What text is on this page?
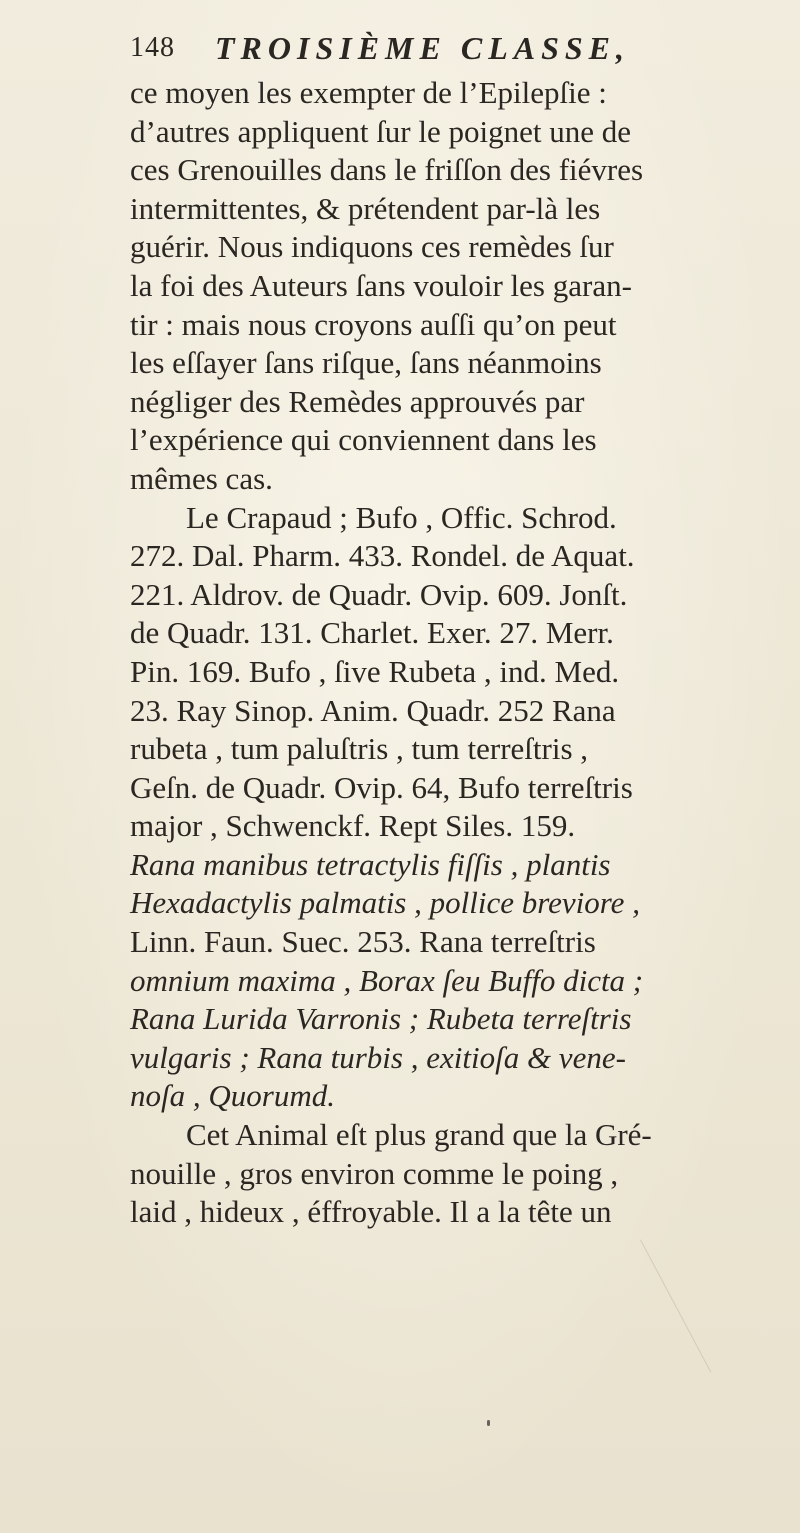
148 TROISIÈME CLASSE,
ce moyen les exempter de l’Epilepſie :
d’autres appliquent ſur le poignet une de
ces Grenouilles dans le friſſon des fiévres
intermittentes, & prétendent par-là les
guérir. Nous indiquons ces remèdes ſur
la foi des Auteurs ſans vouloir les garan-
tir : mais nous croyons auſſi qu’on peut
les eſſayer ſans riſque, ſans néanmoins
négliger des Remèdes approuvés par
l’expérience qui conviennent dans les
mêmes cas.
Le Crapaud ; Bufo , Offic. Schrod.
272. Dal. Pharm. 433. Rondel. de Aquat.
221. Aldrov. de Quadr. Ovip. 609. Jonſt.
de Quadr. 131. Charlet. Exer. 27. Merr.
Pin. 169. Bufo , ſive Rubeta , ind. Med.
23. Ray Sinop. Anim. Quadr. 252 Rana
rubeta , tum paluſtris , tum terreſtris ,
Geſn. de Quadr. Ovip. 64, Bufo terreſtris
major , Schwenckf. Rept Siles. 159.
Rana manibus tetractylis fiſſis , plantis
Hexadactylis palmatis , pollice breviore ,
Linn. Faun. Suec. 253. Rana terreſtris
omnium maxima , Borax ſeu Buffo dicta ;
Rana Lurida Varronis ; Rubeta terreſtris
vulgaris ; Rana turbis , exitioſa & vene-
noſa , Quorumd.
Cet Animal eſt plus grand que la Gré-
nouille , gros environ comme le poing ,
laid , hideux , éffroyable. Il a la tête un
